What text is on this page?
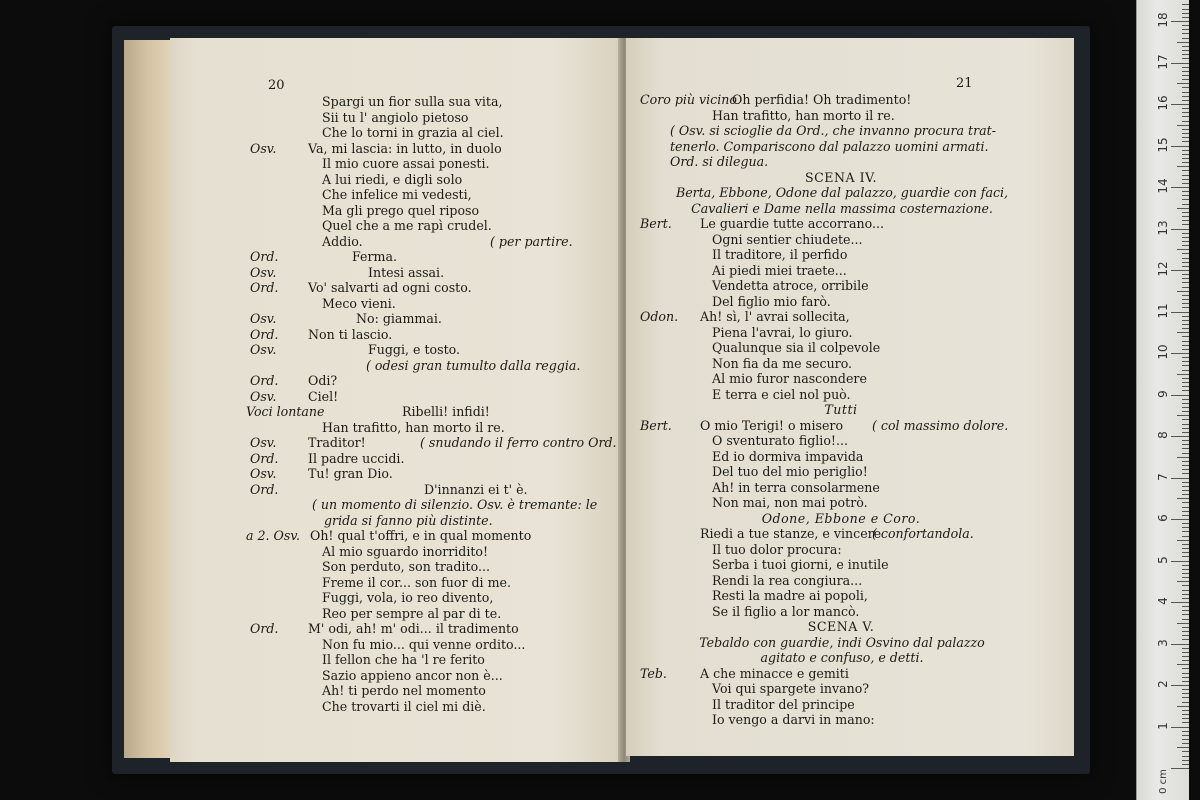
20
Spargi un fior sulla sua vita,
Sii tu l' angiolo pietoso
Che lo torni in grazia al ciel.
Osv.	Va, mi lascia: in lutto, in duolo
Il mio cuore assai ponesti.
A lui riedi, e digli solo
Che infelice mi vedesti,
Ma gli prego quel riposo
Quel che a me rapì crudel.
Addio.	( per partire.
Ord.	Ferma.
Osv.	Intesi assai.
Ord. Vo' salvarti ad ogni costo.
Meco vieni.
Osv.	No: giammai.
Ord. Non ti lascio.
Osv.	Fuggi, e tosto.
( odesi gran tumulto dalla reggia.
Ord. Odi?
Osv.	Ciel!
Voci lontane	Ribelli! infidi!
Han trafitto, han morto il re.
Osv.	Traditor!	( snudando il ferro contro Ord.
Ord. Il padre uccidi.
Osv.	Tu! gran Dio.
Ord.	D'innanzi ei t' è.
( un momento di silenzio. Osv. è tremante: le
grida si fanno più distinte.
a 2. Osv. Oh! qual t'offri, e in qual momento
Al mio sguardo inorridito!
Son perduto, son tradito...
Freme il cor... son fuor di me.
Fuggi, vola, io reo divento,
Reo per sempre al par di te.
Ord. M' odi, ah! m' odi... il tradimento
Non fu mio... qui venne ordito...
Il fellon che ha 'l re ferito
Sazio appieno ancor non è...
Ah! ti perdo nel momento
Che trovarti il ciel mi diè.
21
Coro più vicino
Oh perfidia! Oh tradimento!
Han trafitto, han morto il re.
( Osv. si scioglie da Ord., che invanno procura trat-
tenerlo. Compariscono dal palazzo uomini armati.
Ord. si dilegua.
SCENA IV.
Berta, Ebbone, Odone dal palazzo, guardie con faci,
Cavalieri e Dame nella massima costernazione.
Bert. Le guardie tutte accorrano...
Ogni sentier chiudete...
Il traditore, il perfido
Ai piedi miei traete...
Vendetta atroce, orribile
Del figlio mio farò.
Odon. Ah! sì, l' avrai sollecita,
Piena l'avrai, lo giuro.
Qualunque sia il colpevole
Non fia da me securo.
Al mio furor nascondere
E terra e ciel nol può.
Tutti
Bert. O mio Terigi! o misero ( col massimo dolore.
O sventurato figlio!...
Ed io dormiva impavida
Del tuo del mio periglio!
Ah! in terra consolarmene
Non mai, non mai potrò.
Odone, Ebbone e Coro.
Riedi a tue stanze, e vincere
( confortandola.
Il tuo dolor procura:
Serba i tuoi giorni, e inutile
Rendi la rea congiura...
Resti la madre ai popoli,
Se il figlio a lor mancò.
SCENA V.
Tebaldo con guardie, indi Osvino dal palazzo
agitato e confuso, e detti.
Teb.	A che minacce e gemiti
Voi qui spargete invano?
Il traditor del principe
Io vengo a darvi in mano:	1
2
3
4
5
6
7
8
9
10
11
12
13
14
15
16
17
18
0 cm
